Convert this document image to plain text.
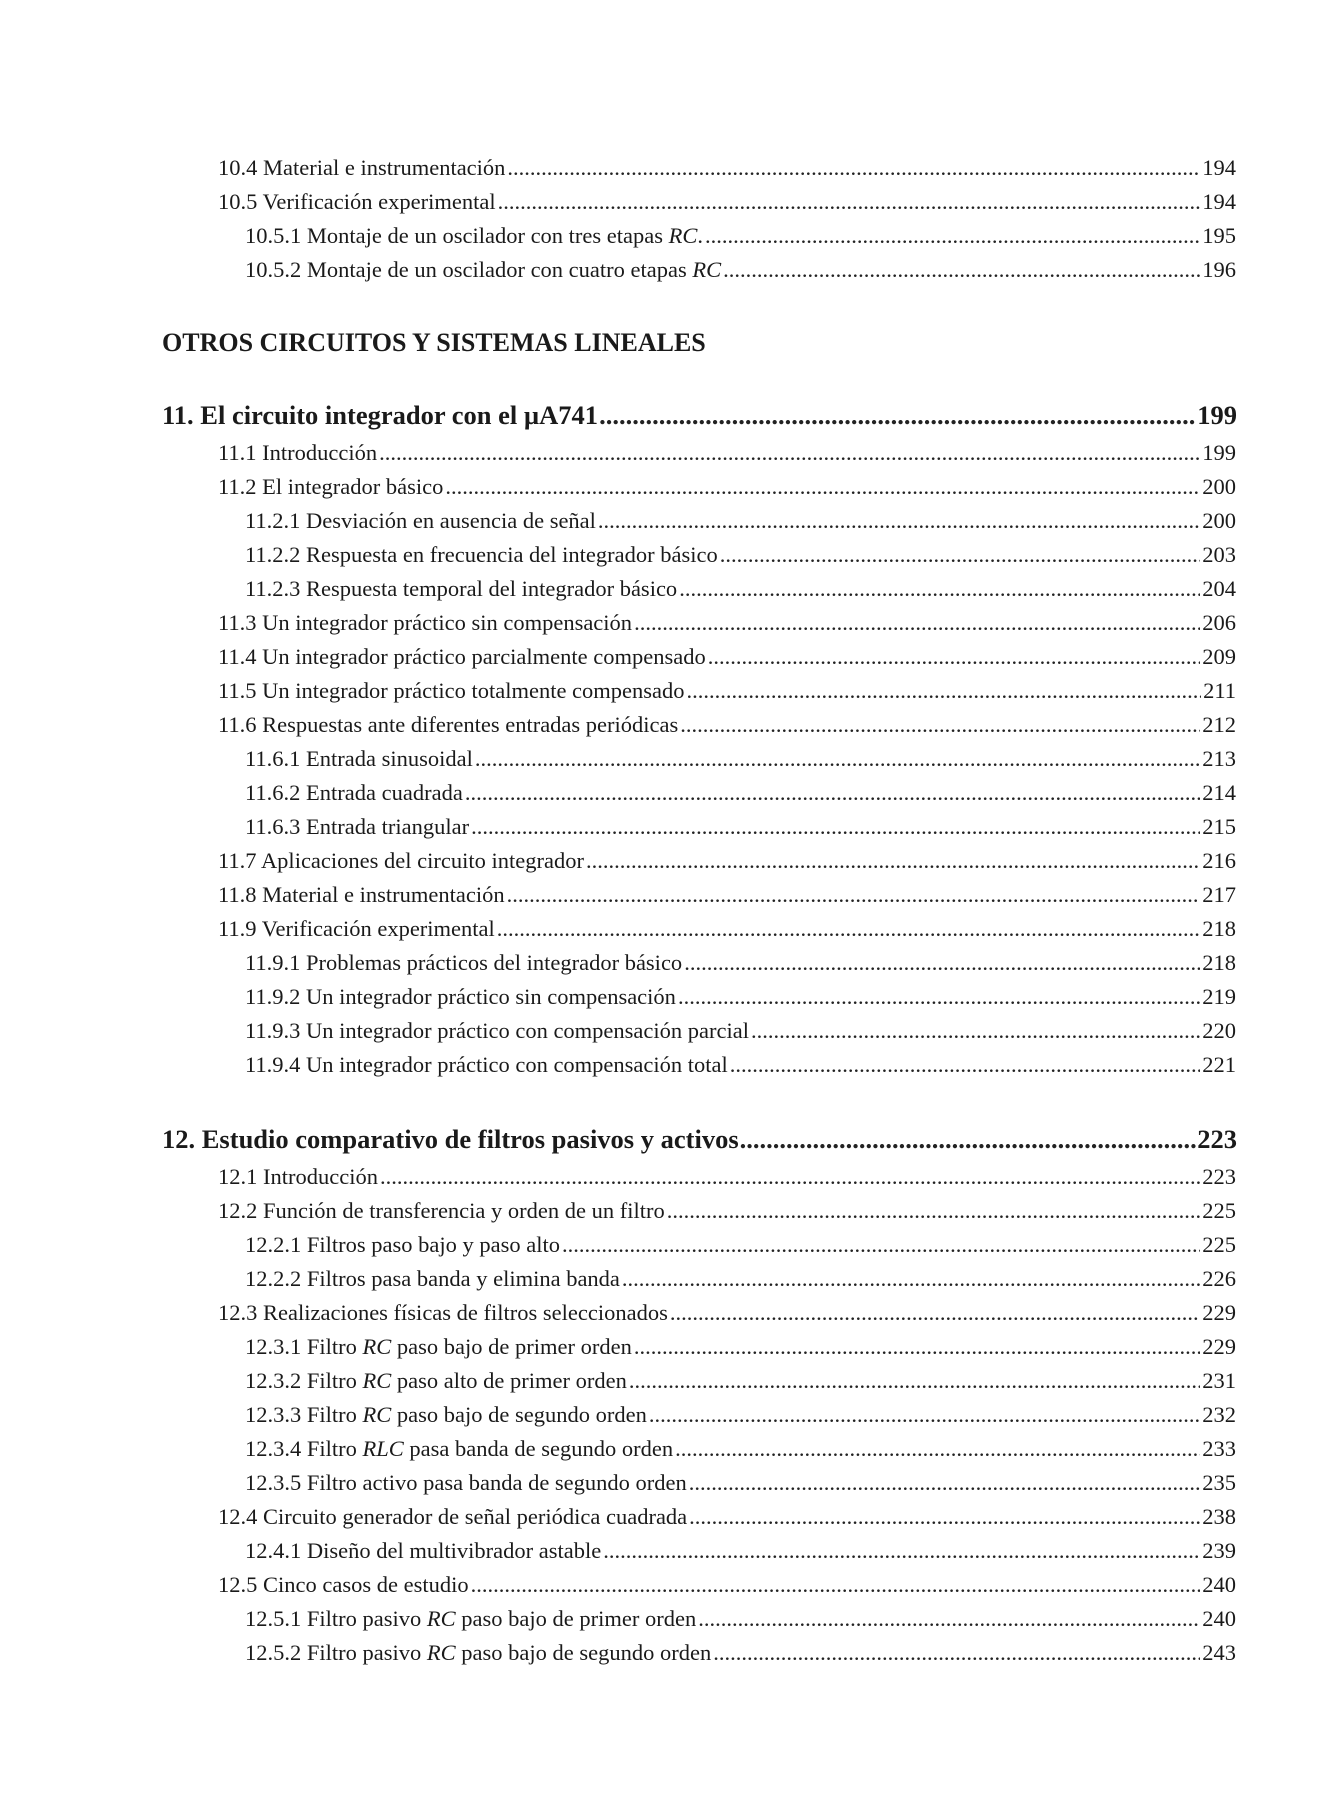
10.4 Material e instrumentación .....	194
10.5 Verificación experimental .....	194
10.5.1 Montaje de un oscilador con tres etapas RC. .....	195
10.5.2 Montaje de un oscilador con cuatro etapas RC .....	196
OTROS CIRCUITOS Y SISTEMAS LINEALES
11. El circuito integrador con el µA741 .....	199
11.1 Introducción .....	199
11.2 El integrador básico .....	200
11.2.1 Desviación en ausencia de señal .....	200
11.2.2 Respuesta en frecuencia del integrador básico .....	203
11.2.3 Respuesta temporal del integrador básico .....	204
11.3 Un integrador práctico sin compensación .....	206
11.4 Un integrador práctico parcialmente compensado .....	209
11.5 Un integrador práctico totalmente compensado .....	211
11.6 Respuestas ante diferentes entradas periódicas .....	212
11.6.1 Entrada sinusoidal .....	213
11.6.2 Entrada cuadrada .....	214
11.6.3 Entrada triangular .....	215
11.7 Aplicaciones del circuito integrador .....	216
11.8 Material e instrumentación .....	217
11.9 Verificación experimental .....	218
11.9.1 Problemas prácticos del integrador básico .....	218
11.9.2 Un integrador práctico sin compensación .....	219
11.9.3 Un integrador práctico con compensación parcial .....	220
11.9.4 Un integrador práctico con compensación total .....	221
12. Estudio comparativo de filtros pasivos y activos .....	223
12.1 Introducción .....	223
12.2 Función de transferencia y orden de un filtro .....	225
12.2.1 Filtros paso bajo y paso alto .....	225
12.2.2 Filtros pasa banda y elimina banda .....	226
12.3 Realizaciones físicas de filtros seleccionados .....	229
12.3.1 Filtro RC paso bajo de primer orden .....	229
12.3.2 Filtro RC paso alto de primer orden .....	231
12.3.3 Filtro RC paso bajo de segundo orden .....	232
12.3.4 Filtro RLC pasa banda de segundo orden .....	233
12.3.5 Filtro activo pasa banda de segundo orden .....	235
12.4 Circuito generador de señal periódica cuadrada .....	238
12.4.1 Diseño del multivibrador astable .....	239
12.5 Cinco casos de estudio .....	240
12.5.1 Filtro pasivo RC paso bajo de primer orden .....	240
12.5.2 Filtro pasivo RC paso bajo de segundo orden .....	243
